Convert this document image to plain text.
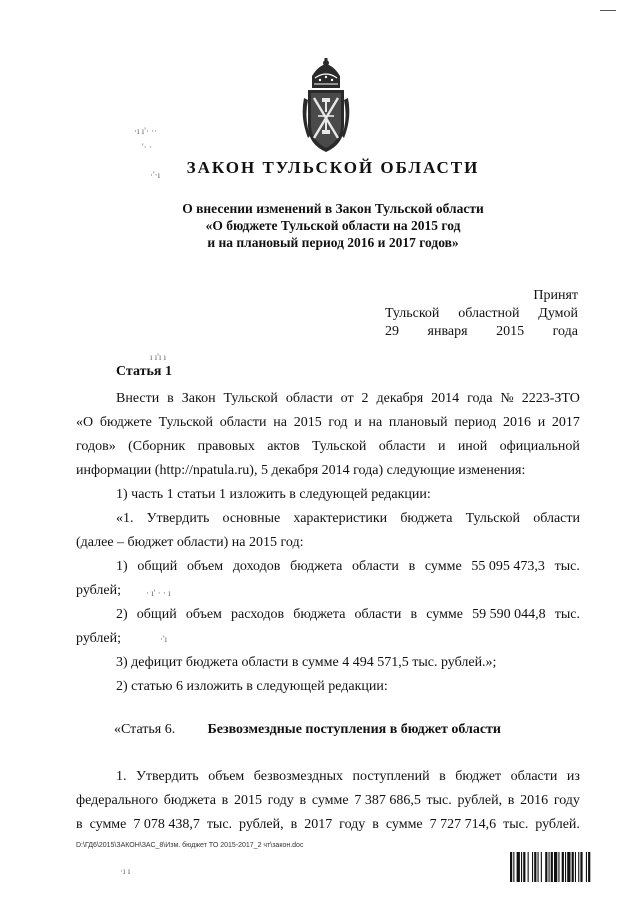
·ı ı'· ··
'· ·
·'·ı	ЗАКОН ТУЛЬСКОЙ ОБЛАСТИ
О внесении изменений в Закон Тульской области
«О бюджете Тульской области на 2015 год
и на плановый период 2016 и 2017 годов»
Принят
Тульской областной Думой
29 января 2015 года
ı ı'ı ı
Статья 1
Внести в Закон Тульской области от 2 декабря 2014 года № 2223-ЗТО
«О бюджете Тульской области на 2015 год и на плановый период 2016 и 2017
годов» (Сборник правовых актов Тульской области и иной официальной
информации (http://npatula.ru), 5 декабря 2014 года) следующие изменения:
1) часть 1 статьи 1 изложить в следующей редакции:
«1. Утвердить основные характеристики бюджета Тульской области
(далее – бюджет области) на 2015 год:
1) общий объем доходов бюджета области в сумме 55 095 473,3 тыс.
рублей;
2) общий объем расходов бюджета области в сумме 59 590 044,8 тыс.
рублей;
3) дефицит бюджета области в сумме 4 494 571,5 тыс. рублей.»;
2) статью 6 изложить в следующей редакции:
· ı' · · ı
·'ı
«Статья 6. Безвозмездные поступления в бюджет области
1. Утвердить объем безвозмездных поступлений в бюджет области из
федерального бюджета в 2015 году в сумме 7 387 686,5 тыс. рублей, в 2016 году
в сумме 7 078 438,7 тыс. рублей, в 2017 году в сумме 7 727 714,6 тыс. рублей.
D:\ГД6\2015\ЗАКОН\ЗАС_8\Изм. бюджет ТО 2015-2017_2 чт\закон.doc
·ı ı
